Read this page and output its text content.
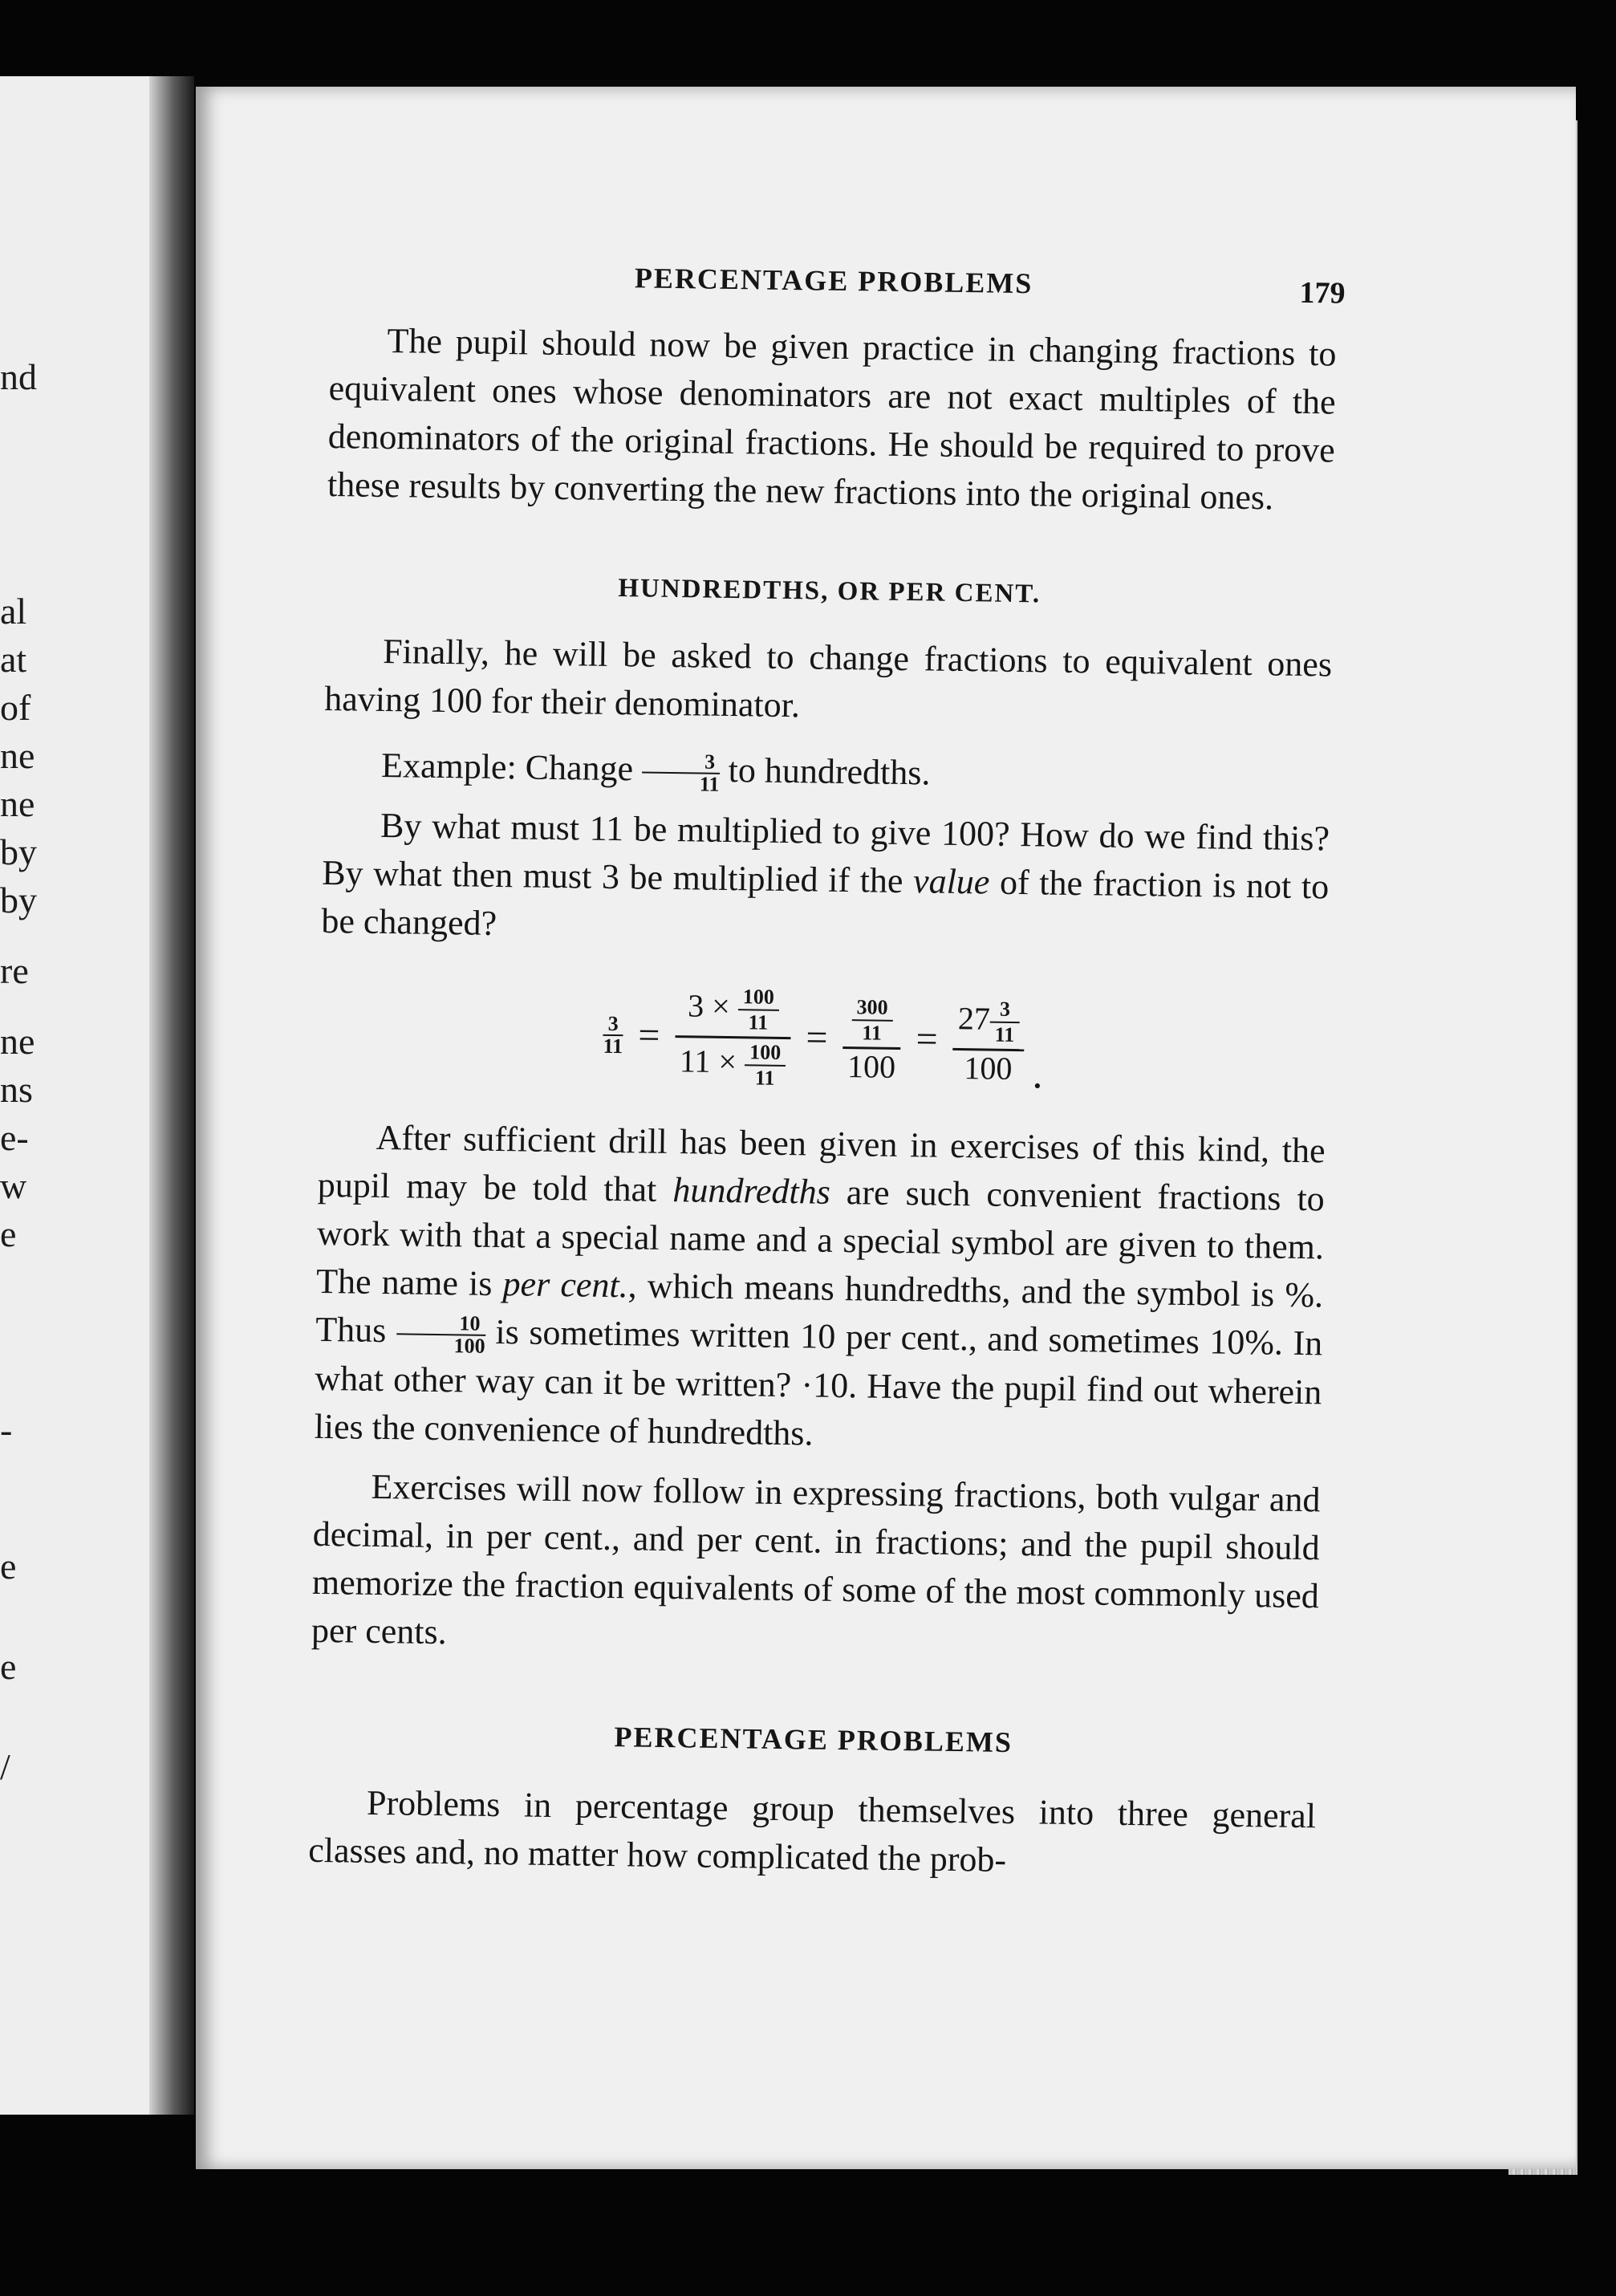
nd
al
at
of
ne
ne
by
by
re
ne
ns
e-
w
e
-
e
e
/
PERCENTAGE PROBLEMS	179

The pupil should now be given practice in changing fractions to equivalent ones whose denominators are not exact multiples of the denominators of the original fractions. He should be required to prove these results by converting the new fractions into the original ones.

HUNDREDTHS, OR PER CENT.

Finally, he will be asked to change fractions to equivalent ones having 100 for their denominator.

Example: Change $\frac{3}{11}$ to hundredths.

By what must 11 be multiplied to give 100? How do we find this? By what then must 3 be multiplied if the value of the fraction is not to be changed?

$\frac{3}{11} = \frac{3 \times \frac{100}{11}}{11 \times \frac{100}{11}} = \frac{\frac{300}{11}}{100} = \frac{27 \frac{3}{11}}{100}$ .

After sufficient drill has been given in exercises of this kind, the pupil may be told that hundredths are such convenient fractions to work with that a special name and a special symbol are given to them. The name is per cent., which means hundredths, and the symbol is %. Thus $\frac{10}{100}$ is sometimes written 10 per cent., and sometimes 10%. In what other way can it be written? ·10. Have the pupil find out wherein lies the convenience of hundredths.

Exercises will now follow in expressing fractions, both vulgar and decimal, in per cent., and per cent. in fractions; and the pupil should memorize the fraction equivalents of some of the most commonly used per cents.

PERCENTAGE PROBLEMS

Problems in percentage group themselves into three general classes and, no matter how complicated the prob-
